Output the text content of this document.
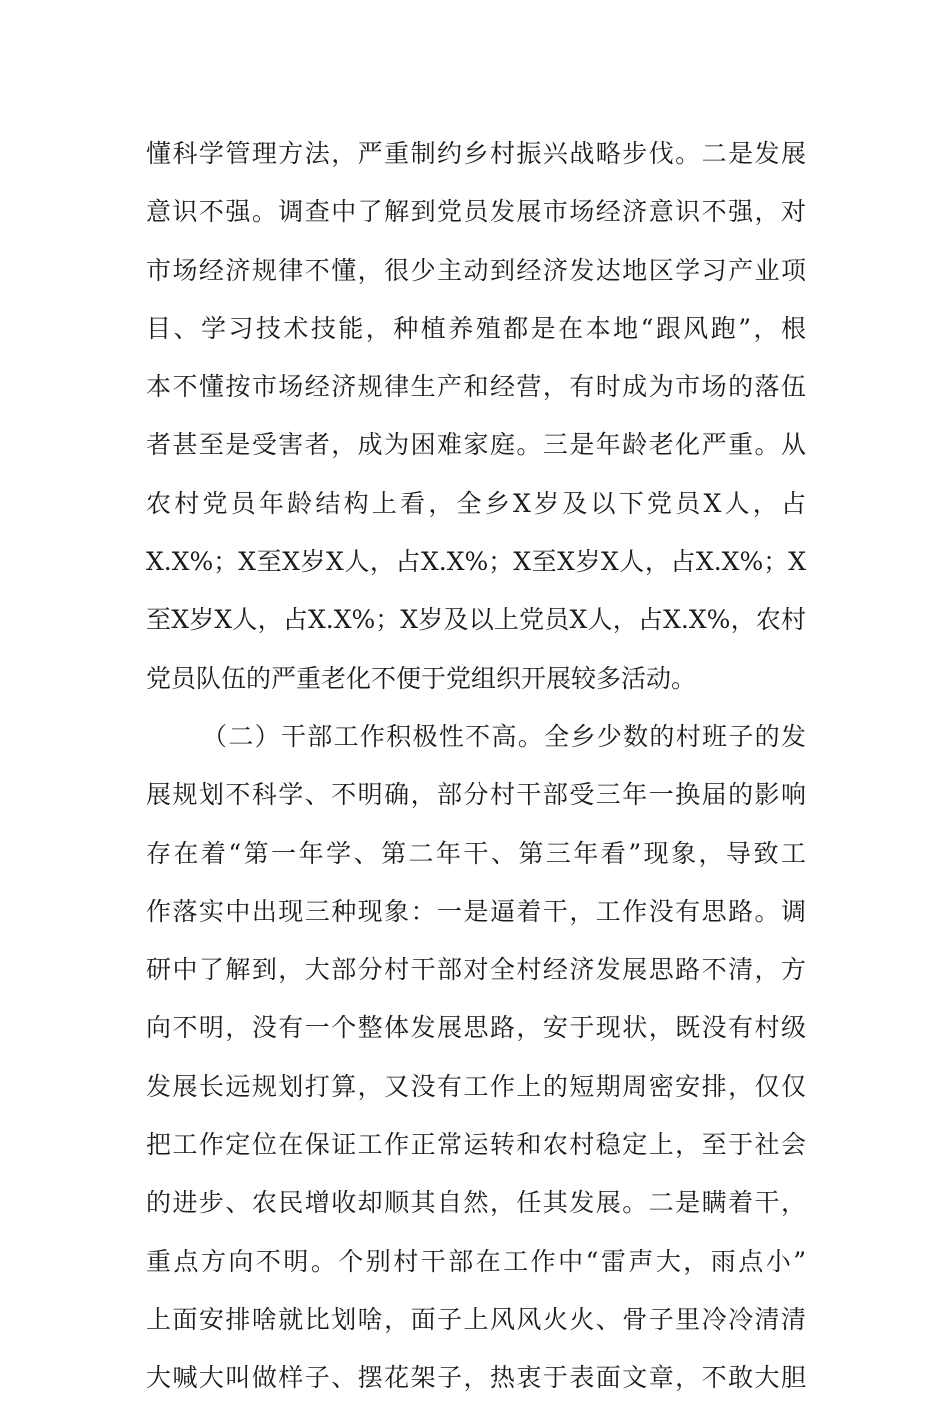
懂科学管理方法，严重制约乡村振兴战略步伐。二是发展
意识不强。调查中了解到党员发展市场经济意识不强，对
市场经济规律不懂，很少主动到经济发达地区学习产业项
目、学习技术技能，种植养殖都是在本地“跟风跑”，根
本不懂按市场经济规律生产和经营，有时成为市场的落伍
者甚至是受害者，成为困难家庭。三是年龄老化严重。从
农村党员年龄结构上看，全乡X岁及以下党员X人，占
X.X%；X至X岁X人，占X.X%；X至X岁X人，占X.X%；X
至X岁X人，占X.X%；X岁及以上党员X人，占X.X%，农村
党员队伍的严重老化不便于党组织开展较多活动。
（二）干部工作积极性不高。全乡少数的村班子的发
展规划不科学、不明确，部分村干部受三年一换届的影响
存在着“第一年学、第二年干、第三年看”现象，导致工
作落实中出现三种现象：一是逼着干，工作没有思路。调
研中了解到，大部分村干部对全村经济发展思路不清，方
向不明，没有一个整体发展思路，安于现状，既没有村级
发展长远规划打算，又没有工作上的短期周密安排，仅仅
把工作定位在保证工作正常运转和农村稳定上，至于社会
的进步、农民增收却顺其自然，任其发展。二是瞒着干，
重点方向不明。个别村干部在工作中“雷声大，雨点小”
上面安排啥就比划啥，面子上风风火火、骨子里冷冷清清
大喊大叫做样子、摆花架子，热衷于表面文章，不敢大胆
